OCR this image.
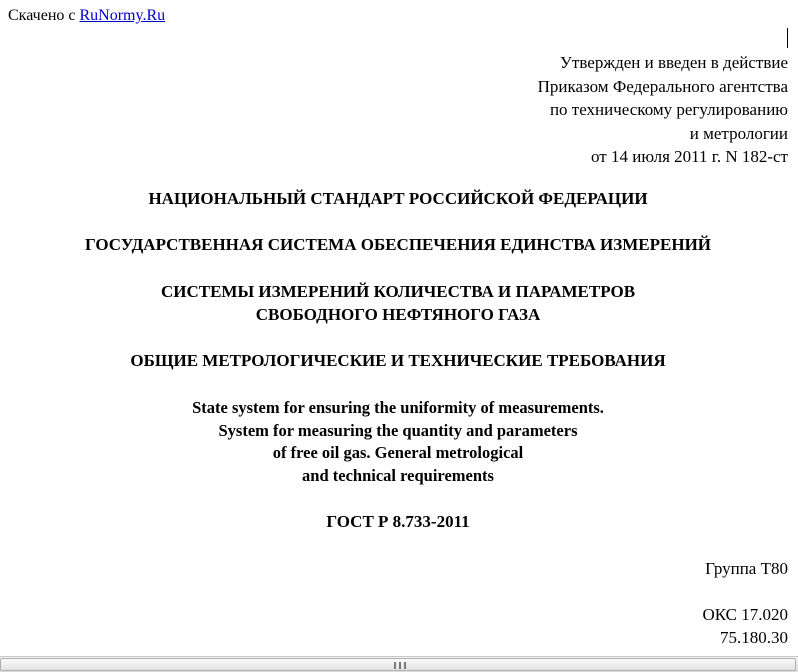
Скачено с RuNormy.Ru
Утвержден и введен в действие
Приказом Федерального агентства
по техническому регулированию
и метрологии
от 14 июля 2011 г. N 182-ст
НАЦИОНАЛЬНЫЙ СТАНДАРТ РОССИЙСКОЙ ФЕДЕРАЦИИ
ГОСУДАРСТВЕННАЯ СИСТЕМА ОБЕСПЕЧЕНИЯ ЕДИНСТВА ИЗМЕРЕНИЙ
СИСТЕМЫ ИЗМЕРЕНИЙ КОЛИЧЕСТВА И ПАРАМЕТРОВ
СВОБОДНОГО НЕФТЯНОГО ГАЗА
ОБЩИЕ МЕТРОЛОГИЧЕСКИЕ И ТЕХНИЧЕСКИЕ ТРЕБОВАНИЯ
State system for ensuring the uniformity of measurements.
System for measuring the quantity and parameters
of free oil gas. General metrological
and technical requirements
ГОСТ Р 8.733-2011
Группа Т80
ОКС 17.020
75.180.30
